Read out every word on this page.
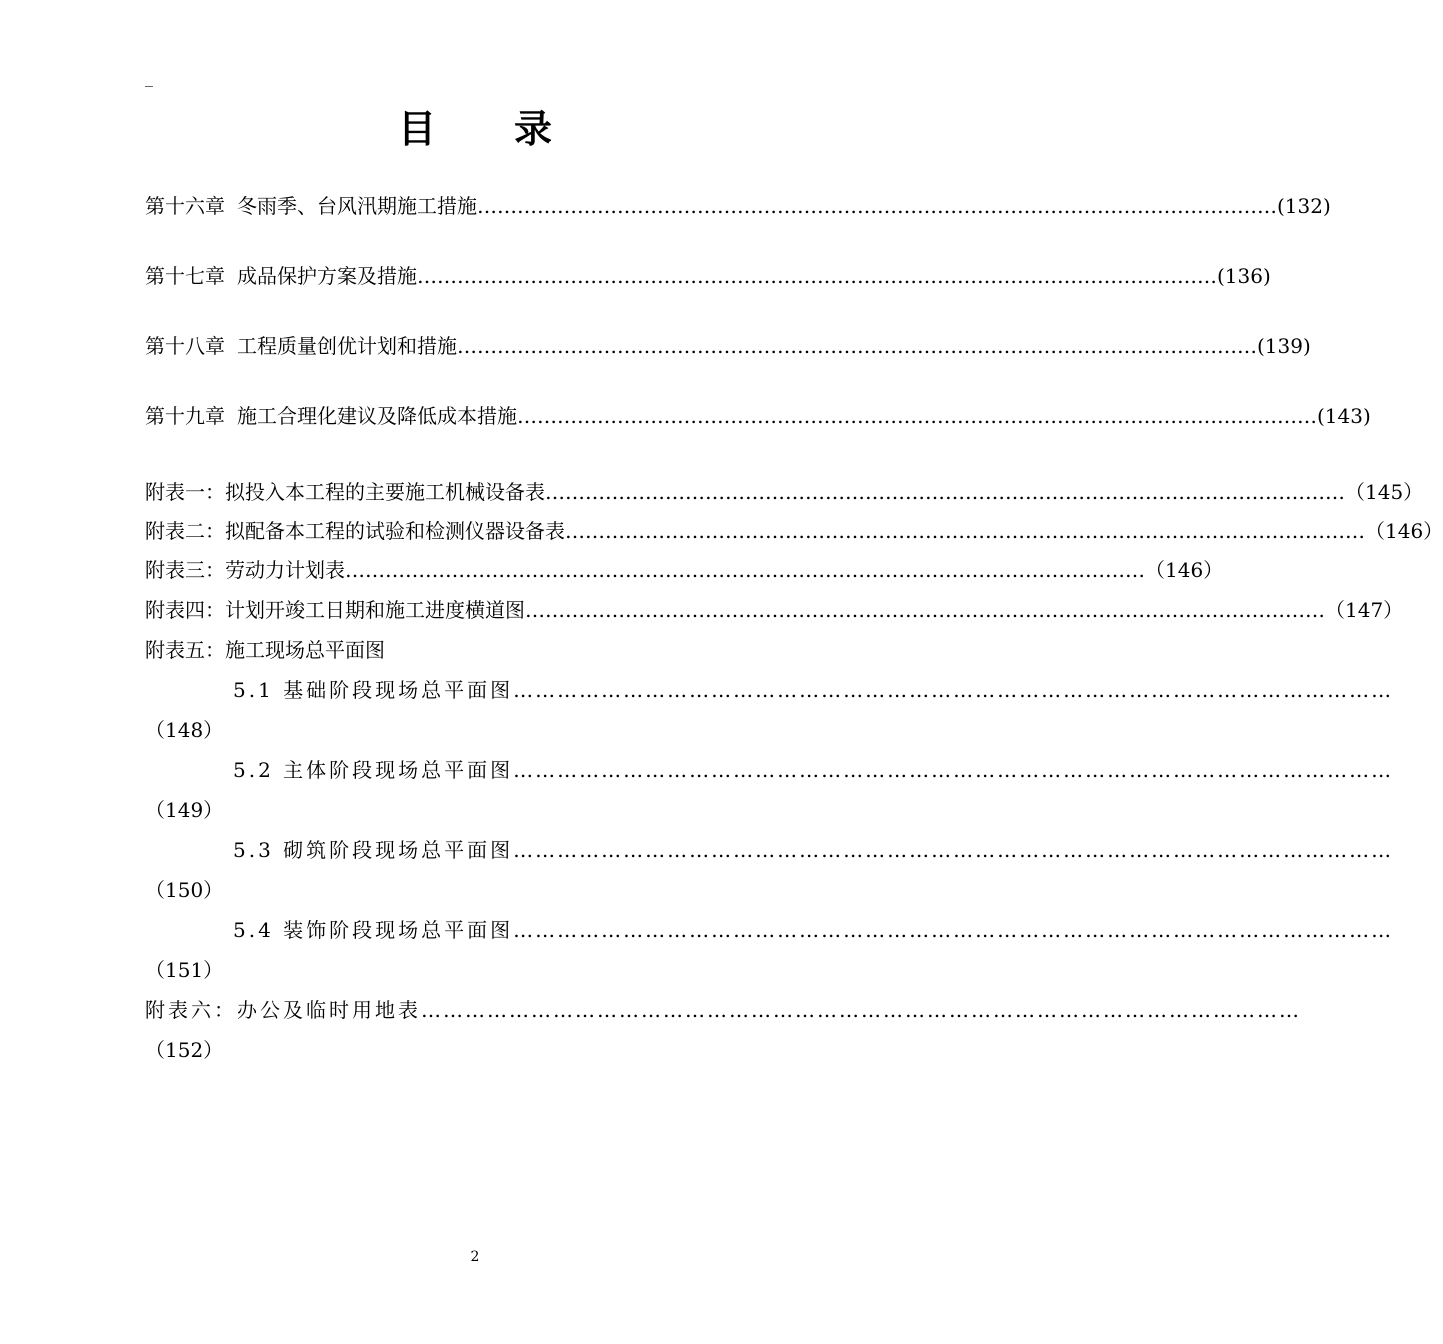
_
目 录
第十六章 冬雨季、台风汛期施工措施 ………………………………………………………………………………………………………… (132)
第十七章 成品保护方案及措施 ………………………………………………………………………………………………………… (136)
第十八章 工程质量创优计划和措施 ………………………………………………………………………………………………………… (139)
第十九章 施工合理化建议及降低成本措施 ………………………………………………………………………………………………………… (143)
附表一：拟投入本工程的主要施工机械设备表 ………………………………………………………………………………………………………… （145）
附表二：拟配备本工程的试验和检测仪器设备表 ………………………………………………………………………………………………………… （146）
附表三：劳动力计划表 ………………………………………………………………………………………………………… （146）
附表四：计划开竣工日期和施工进度横道图 ………………………………………………………………………………………………………… （147）
附表五：施工现场总平面图
5.1 基础阶段现场总平面图 …………………………………………………………………………………………………………
（148）
5.2 主体阶段现场总平面图 …………………………………………………………………………………………………………
（149）
5.3 砌筑阶段现场总平面图 …………………………………………………………………………………………………………
（150）
5.4 装饰阶段现场总平面图 …………………………………………………………………………………………………………
（151）
附表六：办公及临时用地表 …………………………………………………………………………………………………………
（152）
2
